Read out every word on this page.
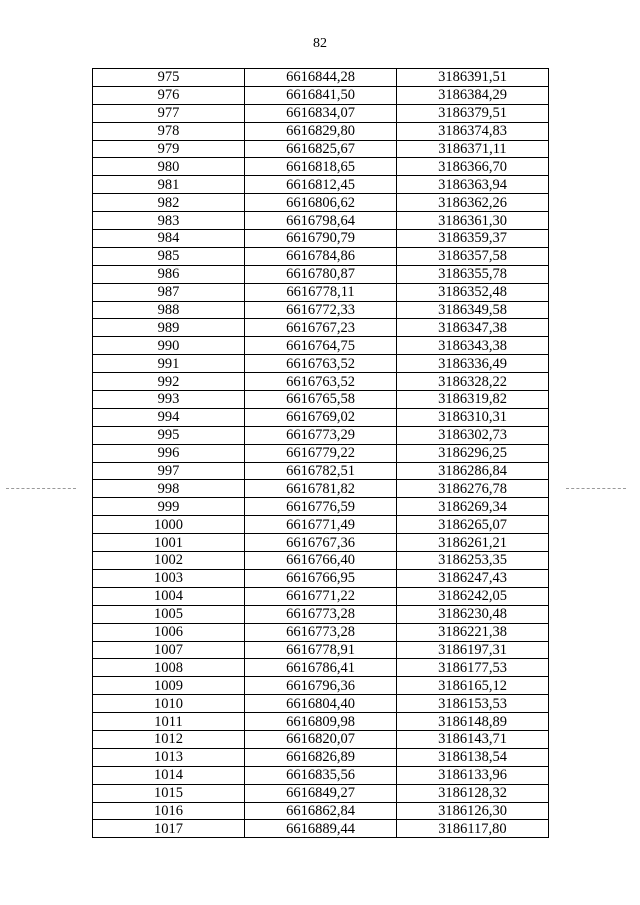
82
975	6616844,28	3186391,51
976	6616841,50	3186384,29
977	6616834,07	3186379,51
978	6616829,80	3186374,83
979	6616825,67	3186371,11
980	6616818,65	3186366,70
981	6616812,45	3186363,94
982	6616806,62	3186362,26
983	6616798,64	3186361,30
984	6616790,79	3186359,37
985	6616784,86	3186357,58
986	6616780,87	3186355,78
987	6616778,11	3186352,48
988	6616772,33	3186349,58
989	6616767,23	3186347,38
990	6616764,75	3186343,38
991	6616763,52	3186336,49
992	6616763,52	3186328,22
993	6616765,58	3186319,82
994	6616769,02	3186310,31
995	6616773,29	3186302,73
996	6616779,22	3186296,25
997	6616782,51	3186286,84
998	6616781,82	3186276,78
999	6616776,59	3186269,34
1000	6616771,49	3186265,07
1001	6616767,36	3186261,21
1002	6616766,40	3186253,35
1003	6616766,95	3186247,43
1004	6616771,22	3186242,05
1005	6616773,28	3186230,48
1006	6616773,28	3186221,38
1007	6616778,91	3186197,31
1008	6616786,41	3186177,53
1009	6616796,36	3186165,12
1010	6616804,40	3186153,53
1011	6616809,98	3186148,89
1012	6616820,07	3186143,71
1013	6616826,89	3186138,54
1014	6616835,56	3186133,96
1015	6616849,27	3186128,32
1016	6616862,84	3186126,30
1017	6616889,44	3186117,80
